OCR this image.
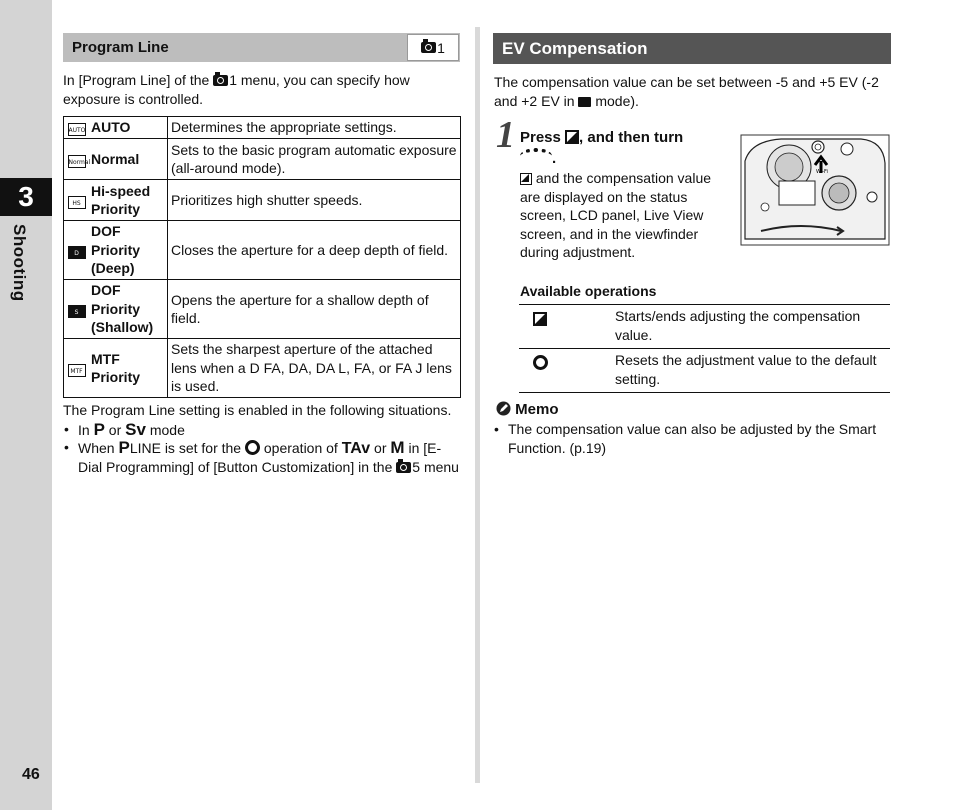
3
Shooting
46
Program Line	1
In [Program Line] of the 1 menu, you can specify how exposure is controlled.
AUTO	AUTO	Determines the appropriate settings.
Normal	Normal	Sets to the basic program automatic exposure (all-around mode).
HS	Hi-speed Priority	Prioritizes high shutter speeds.
D	DOF Priority (Deep)	Closes the aperture for a deep depth of field.
S	DOF Priority (Shallow)	Opens the aperture for a shallow depth of field.
MTF	MTF Priority	Sets the sharpest aperture of the attached lens when a D FA, DA, DA L, FA, or FA J lens is used.
The Program Line setting is enabled in the following situations.
• In P or Sv mode
• When PLINE is set for the  operation of TAv or M in [E-Dial Programming] of [Button Customization] in the 5 menu
EV Compensation
The compensation value can be set between -5 and +5 EV (-2 and +2 EV in  mode).
1 Press , and then turn
.
and the compensation value are displayed on the status screen, LCD panel, Live View screen, and in the viewfinder during adjustment.
Wi-Fi
Available operations
	Starts/ends adjusting the compensation value.
	Resets the adjustment value to the default setting.
Memo
• The compensation value can also be adjusted by the Smart Function. (p.19)
